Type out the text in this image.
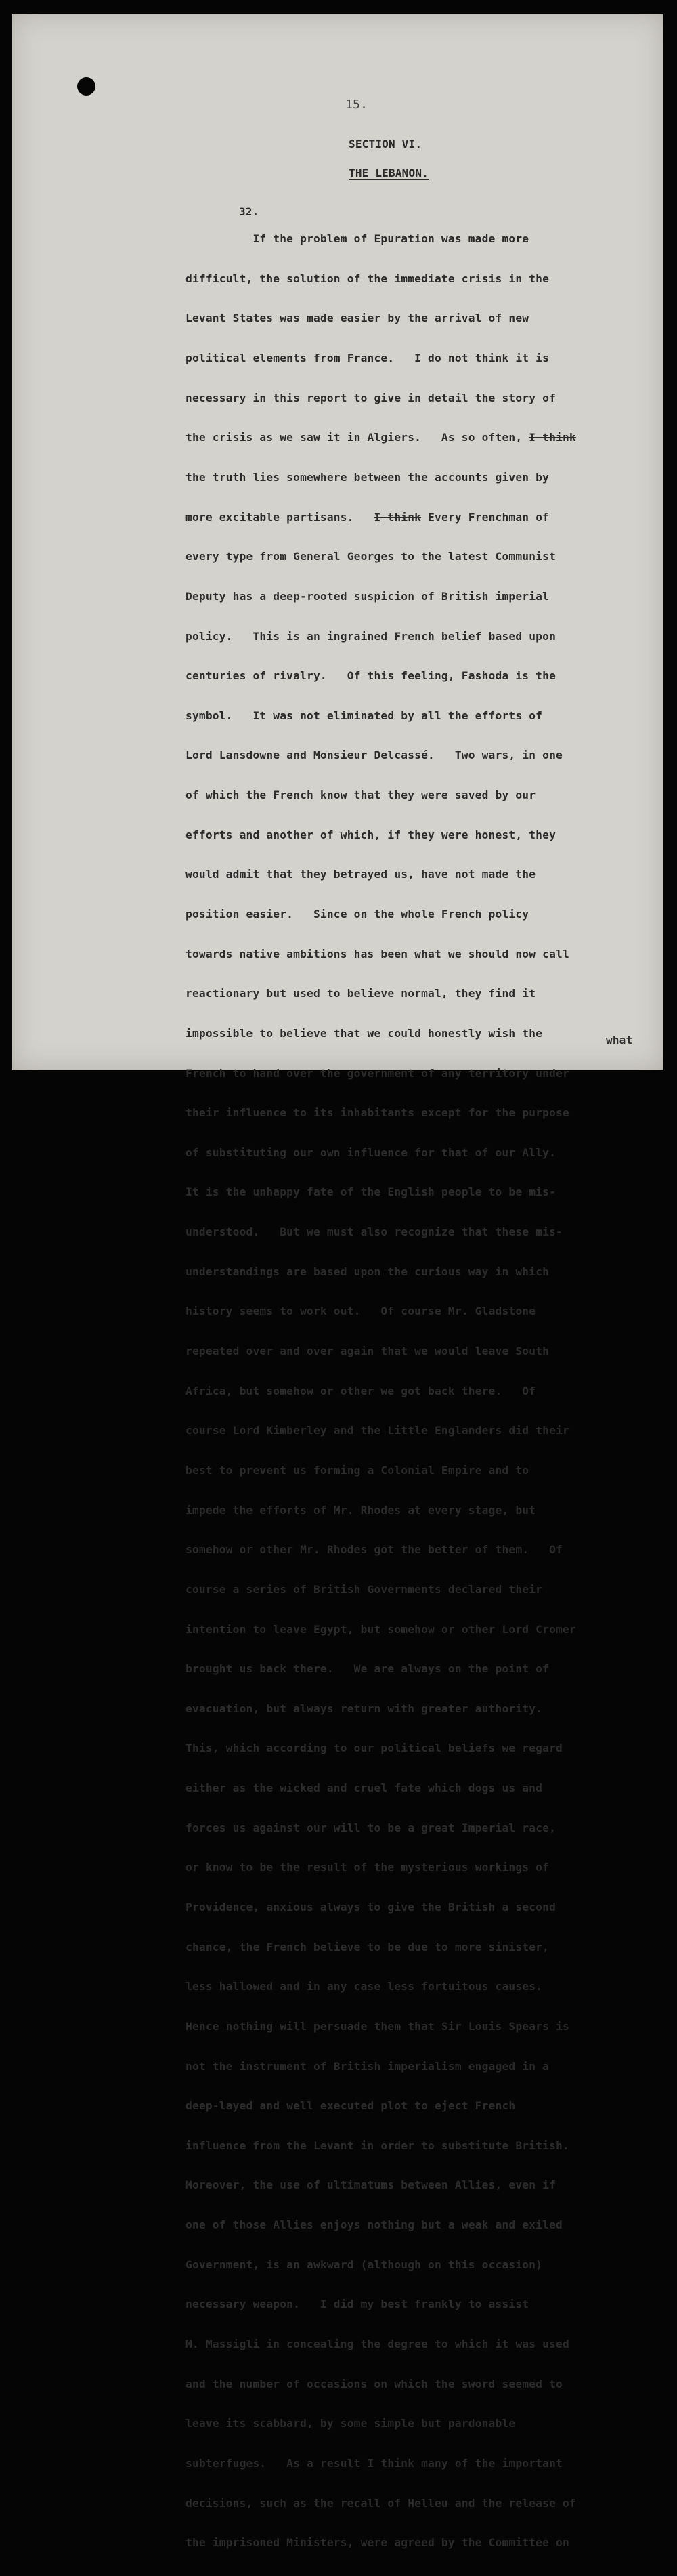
15.
SECTION VI.
THE LEBANON.
32.

If the problem of Epuration was made more

difficult, the solution of the immediate crisis in the

Levant States was made easier by the arrival of new

political elements from France.   I do not think it is

necessary in this report to give in detail the story of

the crisis as we saw it in Algiers.   As so often, I think

the truth lies somewhere between the accounts given by

more excitable partisans.   I think Every Frenchman of

every type from General Georges to the latest Communist

Deputy has a deep-rooted suspicion of British imperial

policy.   This is an ingrained French belief based upon

centuries of rivalry.   Of this feeling, Fashoda is the

symbol.   It was not eliminated by all the efforts of

Lord Lansdowne and Monsieur Delcassé.   Two wars, in one

of which the French know that they were saved by our

efforts and another of which, if they were honest, they

would admit that they betrayed us, have not made the

position easier.   Since on the whole French policy

towards native ambitions has been what we should now call

reactionary but used to believe normal, they find it

impossible to believe that we could honestly wish the

French to hand over the government of any territory under

their influence to its inhabitants except for the purpose

of substituting our own influence for that of our Ally.

It is the unhappy fate of the English people to be mis-

understood.   But we must also recognize that these mis-

understandings are based upon the curious way in which

history seems to work out.   Of course Mr. Gladstone

repeated over and over again that we would leave South

Africa, but somehow or other we got back there.   Of

course Lord Kimberley and the Little Englanders did their

best to prevent us forming a Colonial Empire and to

impede the efforts of Mr. Rhodes at every stage, but

somehow or other Mr. Rhodes got the better of them.   Of

course a series of British Governments declared their

intention to leave Egypt, but somehow or other Lord Cromer

brought us back there.   We are always on the point of

evacuation, but always return with greater authority.

This, which according to our political beliefs we regard

either as the wicked and cruel fate which dogs us and

forces us against our will to be a great Imperial race,

or know to be the result of the mysterious workings of

Providence, anxious always to give the British a second

chance, the French believe to be due to more sinister,

less hallowed and in any case less fortuitous causes.

Hence nothing will persuade them that Sir Louis Spears is

not the instrument of British imperialism engaged in a

deep-layed and well executed plot to eject French

influence from the Levant in order to substitute British.

Moreover, the use of ultimatums between Allies, even if

one of those Allies enjoys nothing but a weak and exiled

Government, is an awkward (although on this occasion)

necessary weapon.   I did my best frankly to assist

M. Massigli in concealing the degree to which it was used

and the number of occasions on which the sword seemed to

leave its scabbard, by some simple but pardonable

subterfuges.   As a result I think many of the important

decisions, such as the recall of Helleu and the release of

the imprisoned Ministers, were agreed by the Committee on

what
